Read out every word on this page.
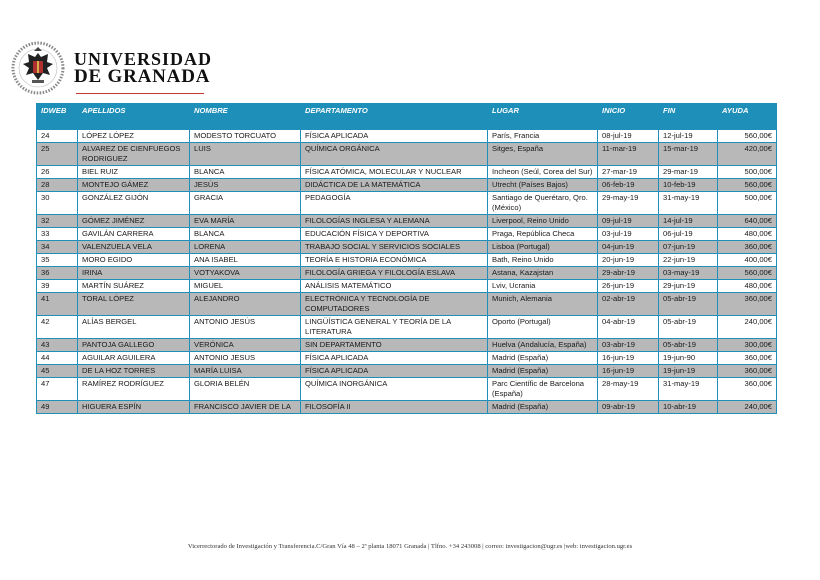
UNIVERSIDAD
DE GRANADA
IDWEB	APELLIDOS	NOMBRE	DEPARTAMENTO	LUGAR	INICIO	FIN	AYUDA
24	LÓPEZ LÓPEZ	MODESTO TORCUATO	FÍSICA APLICADA	París, Francia	08-jul-19	12-jul-19	560,00€
25	ALVAREZ DE CIENFUEGOS RODRIGUEZ	LUIS	QUÍMICA ORGÁNICA	Sitges, España	11-mar-19	15-mar-19	420,00€
26	BIEL RUIZ	BLANCA	FÍSICA ATÓMICA, MOLECULAR Y NUCLEAR	Incheon (Seúl, Corea del Sur)	27-mar-19	29-mar-19	500,00€
28	MONTEJO GÁMEZ	JESÚS	DIDÁCTICA DE LA MATEMÁTICA	Utrecht (Países Bajos)	06-feb-19	10-feb-19	560,00€
30	GONZÁLEZ GIJÓN	GRACIA	PEDAGOGÍA	Santiago de Querétaro, Qro. (México)	29-may-19	31-may-19	500,00€
32	GÓMEZ JIMÉNEZ	EVA MARÍA	FILOLOGÍAS INGLESA Y ALEMANA	Liverpool, Reino Unido	09-jul-19	14-jul-19	640,00€
33	GAVILÁN CARRERA	BLANCA	EDUCACIÓN FÍSICA Y DEPORTIVA	Praga, República Checa	03-jul-19	06-jul-19	480,00€
34	VALENZUELA VELA	LORENA	TRABAJO SOCIAL Y SERVICIOS SOCIALES	Lisboa (Portugal)	04-jun-19	07-jun-19	360,00€
35	MORO EGIDO	ANA ISABEL	TEORÍA E HISTORIA ECONÓMICA	Bath, Reino Unido	20-jun-19	22-jun-19	400,00€
36	IRINA	VOTYAKOVA	FILOLOGÍA GRIEGA Y FILOLOGÍA ESLAVA	Astana, Kazajstan	29-abr-19	03-may-19	560,00€
39	MARTÍN SUÁREZ	MIGUEL	ANÁLISIS MATEMÁTICO	Lviv, Ucrania	26-jun-19	29-jun-19	480,00€
41	TORAL LÓPEZ	ALEJANDRO	ELECTRÓNICA Y TECNOLOGÍA DE COMPUTADORES	Munich, Alemania	02-abr-19	05-abr-19	360,00€
42	ALÍAS BERGEL	ANTONIO JESÚS	LINGÜÍSTICA GENERAL Y TEORÍA DE LA LITERATURA	Oporto (Portugal)	04-abr-19	05-abr-19	240,00€
43	PANTOJA GALLEGO	VERÓNICA	SIN DEPARTAMENTO	Huelva (Andalucía, España)	03-abr-19	05-abr-19	300,00€
44	AGUILAR AGUILERA	ANTONIO JESUS	FÍSICA APLICADA	Madrid (España)	16-jun-19	19-jun-90	360,00€
45	DE LA HOZ TORRES	MARÍA LUISA	FÍSICA APLICADA	Madrid (España)	16-jun-19	19-jun-19	360,00€
47	RAMÍREZ RODRÍGUEZ	GLORIA BELÉN	QUÍMICA INORGÁNICA	Parc Científic de Barcelona (España)	28-may-19	31-may-19	360,00€
49	HIGUERA ESPÍN	FRANCISCO JAVIER DE LA	FILOSOFÍA II	Madrid (España)	09-abr-19	10-abr-19	240,00€
Vicerrectorado de Investigación y Transferencia.C/Gran Vía 48 – 2ª planta 18071 Granada | Tlfno. +34 243008 | correo: investigacion@ugr.es |web: investigacion.ugr.es
